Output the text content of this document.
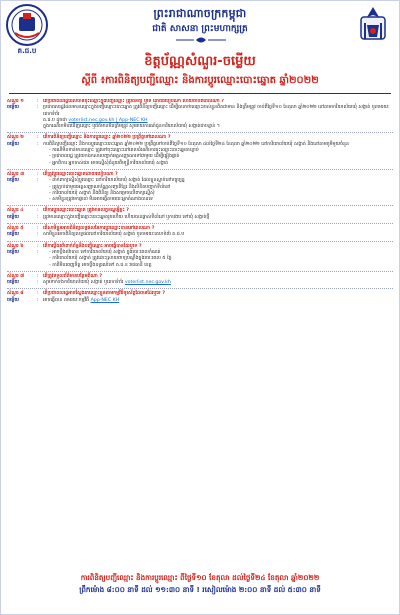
គ.ជ.ប
ព្រះរាជាណាចក្រកម្ពុជា
ជាតិ សាសនា ព្រះមហាក្សត្រ
ខិត្តប័ណ្ណសំណួរ-ចម្លើយ
ស្តីពី ៖ការពិនិត្យបញ្ជីឈ្មោះ និងការប្តូរឈ្មោះបោះឆ្នោត ឆ្នាំ២០២២
សំណួរ ១	: តើប្រជាពលរដ្ឋដែលបានចុះឈ្មោះក្នុងបញ្ជីឈ្មោះ ត្រូវពិនិត្យ ឬទេ ដោយរបៀបណា ហើយចាប់ពីពេលណា ?
ចម្លើយ	: ប្រជាពលរដ្ឋដែលមានឈ្មោះក្នុងបញ្ជីឈ្មោះបោះឆ្នោត ត្រូវពិនិត្យបញ្ជីឈ្មោះ ដើម្បីធានាថាឈ្មោះរបស់ខ្លួនពិតជាមាន និងត្រឹមត្រូវ ចាប់ពីថ្ងៃទី១០ ខែតុលា ឆ្នាំ២០២២ នៅតាមការិយាល័យឃុំ សង្កាត់ ឬតាមរយៈគេហទំព័រ
គ.ជ.ប ដូចជា voterlist.nec.gov.kh | App-NEC KH
ក្នុងករណីរកមិនឃើញឈ្មោះ ឬព័ត៌មានមិនត្រឹមត្រូវ សូមរាយការណ៍ជូនការិយាល័យឃុំ សង្កាត់ជាបន្ទាន់ ។
សំណួរ ២	: តើការពិនិត្យបញ្ជីឈ្មោះ និងការប្តូរឈ្មោះ ឆ្នាំ២០២២ ប្រព្រឹត្តទៅពេលណា ?
ចម្លើយ	: ការពិនិត្យបញ្ជីឈ្មោះ និងការប្តូរឈ្មោះបោះឆ្នោត ឆ្នាំ២០២២ ប្រព្រឹត្តទៅចាប់ពីថ្ងៃទី១០ ខែតុលា ដល់ថ្ងៃទី២៤ ខែតុលា ឆ្នាំ២០២២ នៅការិយាល័យឃុំ សង្កាត់ និងនៅតាមភូមិមួយចំនួន
- ករណីមិនទាន់មានឈ្មោះ ត្រូវទៅចុះឈ្មោះនៅពេលដំណើរការចុះឈ្មោះបោះឆ្នោតបន្ទាប់
- ប្រជាពលរដ្ឋ ត្រូវយកឯកសារបញ្ជាក់អត្តសញ្ញាណទៅជាមួយ ដើម្បីផ្ទៀងផ្ទាត់
- អ្នកពិការ អ្នកចាស់ជរា អាចស្នើសុំជំនួយពីមន្ត្រីការិយាល័យឃុំ សង្កាត់
សំណួរ ៣	: តើត្រូវប្តូរឈ្មោះបោះឆ្នោតដោយរបៀបណា ?
ចម្លើយ	:	- ដាក់ពាក្យស្នើសុំប្តូរឈ្មោះ នៅការិយាល័យឃុំ សង្កាត់ ដែលខ្លួនស្នាក់នៅបច្ចុប្បន្ន
- ត្រូវភ្ជាប់ជាមួយអត្តសញ្ញាណប័ណ្ណសញ្ជាតិខ្មែរ និងលិខិតបញ្ជាក់ទីលំនៅ
- ការិយាល័យឃុំ សង្កាត់ នឹងពិនិត្យ និងសម្រេចលើពាក្យស្នើសុំ
- សាមីខ្លួនត្រូវមកផ្ទាល់ មិនអាចធ្វើតាមរយៈអ្នកតំណាងបានទេ
សំណួរ ៤	: តើការប្តូរឈ្មោះបោះឆ្នោត ត្រូវមានលក្ខខណ្ឌអ្វីខ្លះ ?
ចម្លើយ	: ត្រូវមានឈ្មោះក្នុងបញ្ជីឈ្មោះបោះឆ្នោតរួចហើយ ហើយបានផ្លាស់ទីលំនៅ ឬការងារ ទៅឃុំ សង្កាត់ថ្មី
សំណួរ ៥	: តើសាមីខ្លួនអាចពិនិត្យលទ្ធផលនៃការប្តូរឈ្មោះបាននៅពេលណា ?
ចម្លើយ	: សាមីខ្លួនអាចពិនិត្យលទ្ធផលនៅការិយាល័យឃុំ សង្កាត់ ឬតាមរយៈគេហទំព័រ គ.ជ.ប
សំណួរ ៦	: តើការប្តឹងតវ៉ាពាក់ព័ន្ធនឹងបញ្ជីឈ្មោះ អាចធ្វើបានដែរឬទេ ?
ចម្លើយ	:	- អាចប្តឹងតវ៉ាបាន ទៅការិយាល័យឃុំ សង្កាត់ ក្នុងរយៈពេលកំណត់
- ការិយាល័យឃុំ សង្កាត់ ត្រូវដោះស្រាយពាក្យបណ្តឹងក្នុងរយៈពេល ៥ ថ្ងៃ
- ភាគីមិនពេញចិត្ត អាចប្តឹងឧទ្ធរណ៍ទៅ គ.ជ.ខ រាជធានី ខេត្ត
សំណួរ ៧	: តើត្រូវទទួលព័ត៌មានបន្ថែមពីណា ?
ចម្លើយ	: សូមទាក់ទងការិយាល័យឃុំ សង្កាត់ ឬគេហទំព័រ voterlist.nec.gov.kh
សំណួរ ៨	: តើប្រជាពលរដ្ឋអាចស្វែងរកឈ្មោះខ្លួនតាមកម្មវិធីទូរស័ព្ទដៃបានដែរឬទេ ?
ចម្លើយ	: អាចធ្វើបាន តាមរយៈកម្មវិធី App-NEC KH
ការពិនិត្យបញ្ជីឈ្មោះ និងការប្តូរឈ្មោះ ពីថ្ងៃទី១០ ខែតុលា ដល់ថ្ងៃទី២៤ ខែតុលា ឆ្នាំ២០២២
ព្រឹកម៉ោង ៨:០០ នាទី ដល់ ១១:៣០ នាទី ! រសៀលម៉ោង ២:០០ នាទី ដល់ ៥:៣០ នាទី
